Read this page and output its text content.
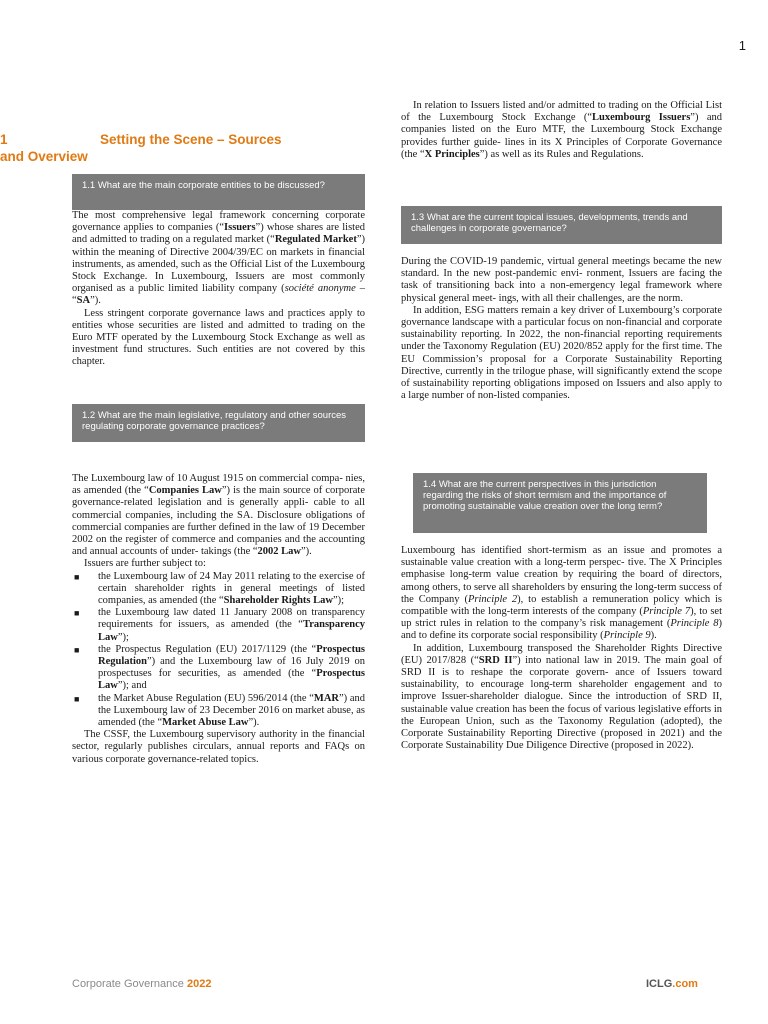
1
1	Setting the Scene – Sources
and Overview
1.1 What are the main corporate entities to be discussed?

The most comprehensive legal framework concerning corporate governance applies to companies (“Issuers”) whose shares are listed and admitted to trading on a regulated market (“Regulated Market”) within the meaning of Directive 2004/39/EC on markets in financial instruments, as amended, such as the Official List of the Luxembourg Stock Exchange. In Luxembourg, Issuers are most commonly organised as a public limited liability company (société anonyme – “SA”).

Less stringent corporate governance laws and practices apply to entities whose securities are listed and admitted to trading on the Euro MTF operated by the Luxembourg Stock Exchange as well as investment fund structures. Such entities are not covered by this chapter.

1.2 What are the main legislative, regulatory and other sources regulating corporate governance practices?

The Luxembourg law of 10 August 1915 on commercial compa- nies, as amended (the “Companies Law”) is the main source of corporate governance-related legislation and is generally appli- cable to all commercial companies, including the SA. Disclosure obligations of commercial companies are further defined in the law of 19 December 2002 on the register of commerce and companies and the accounting and annual accounts of under- takings (the “2002 Law”).

Issuers are further subject to:

■ the Luxembourg law of 24 May 2011 relating to the exercise of certain shareholder rights in general meetings of listed companies, as amended (the “Shareholder Rights Law”);
■ the Luxembourg law dated 11 January 2008 on transparency requirements for issuers, as amended (the “Transparency Law”);
■ the Prospectus Regulation (EU) 2017/1129 (the “Prospectus Regulation”) and the Luxembourg law of 16 July 2019 on prospectuses for securities, as amended (the “Prospectus Law”); and
■ the Market Abuse Regulation (EU) 596/2014 (the “MAR”) and the Luxembourg law of 23 December 2016 on market abuse, as amended (the “Market Abuse Law”).

The CSSF, the Luxembourg supervisory authority in the financial sector, regularly publishes circulars, annual reports and FAQs on various corporate governance-related topics.

In relation to Issuers listed and/or admitted to trading on the Official List of the Luxembourg Stock Exchange (“Luxembourg Issuers”) and companies listed on the Euro MTF, the Luxembourg Stock Exchange provides further guide- lines in its X Principles of Corporate Governance (the “X Principles”) as well as its Rules and Regulations.

1.3 What are the current topical issues, developments, trends and challenges in corporate governance?

During the COVID-19 pandemic, virtual general meetings became the new standard. In the new post-pandemic envi- ronment, Issuers are facing the task of transitioning back into a non-emergency legal framework where physical general meet- ings, with all their challenges, are the norm.

In addition, ESG matters remain a key driver of Luxembourg’s corporate governance landscape with a particular focus on non-financial and corporate sustainability reporting. In 2022, the non-financial reporting requirements under the Taxonomy Regulation (EU) 2020/852 apply for the first time. The EU Commission’s proposal for a Corporate Sustainability Reporting Directive, currently in the trilogue phase, will significantly extend the scope of sustainability reporting obligations imposed on Issuers and also apply to a large number of non-listed companies.

1.4 What are the current perspectives in this jurisdiction regarding the risks of short termism and the importance of promoting sustainable value creation over the long term?

Luxembourg has identified short-termism as an issue and promotes a sustainable value creation with a long-term perspec- tive. The X Principles emphasise long-term value creation by requiring the board of directors, among others, to serve all shareholders by ensuring the long-term success of the Company (Principle 2), to establish a remuneration policy which is compatible with the long-term interests of the company (Principle 7), to set up strict rules in relation to the company’s risk management (Principle 8) and to define its corporate social responsibility (Principle 9).

In addition, Luxembourg transposed the Shareholder Rights Directive (EU) 2017/828 (“SRD II”) into national law in 2019. The main goal of SRD II is to reshape the corporate govern- ance of Issuers toward sustainability, to encourage long-term shareholder engagement and to improve Issuer-shareholder dialogue. Since the introduction of SRD II, sustainable value creation has been the focus of various legislative efforts in the European Union, such as the Taxonomy Regulation (adopted), the Corporate Sustainability Reporting Directive (proposed in 2021) and the Corporate Sustainability Due Diligence Directive (proposed in 2022).

Corporate Governance 2022	ICLG.com
